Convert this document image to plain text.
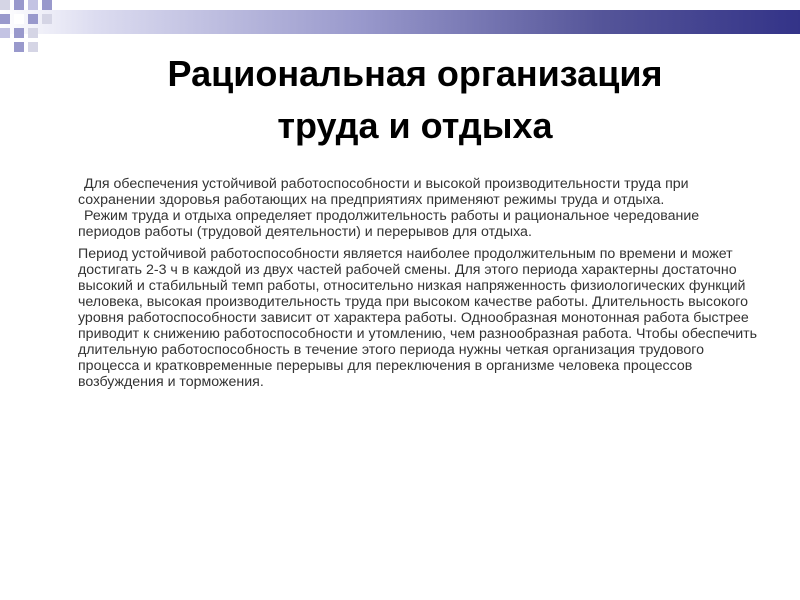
Рациональная организация
труда и отдыха

Для обеспечения устойчивой работоспособности и высокой производительности труда при сохранении здоровья работающих на предприятиях применяют режимы труда и отдыха.

Режим труда и отдыха определяет продолжительность работы и рациональное чередование периодов работы (трудовой деятельности) и перерывов для отдыха.

Период устойчивой работоспособности является наиболее продолжительным по времени и может достигать 2-3 ч в каждой из двух частей рабочей смены. Для этого периода характерны достаточно высокий и стабильный темп работы, относительно низкая напряженность физиологических функций человека, высокая производительность труда при высоком качестве работы. Длительность высокого уровня работоспособности зависит от характера работы. Однообразная монотонная работа быстрее приводит к снижению работоспособности и утомлению, чем разнообразная работа. Чтобы обеспечить длительную работоспособность в течение этого периода нужны четкая организация трудового процесса и кратковременные перерывы для переключения в организме человека процессов возбуждения и торможения.
